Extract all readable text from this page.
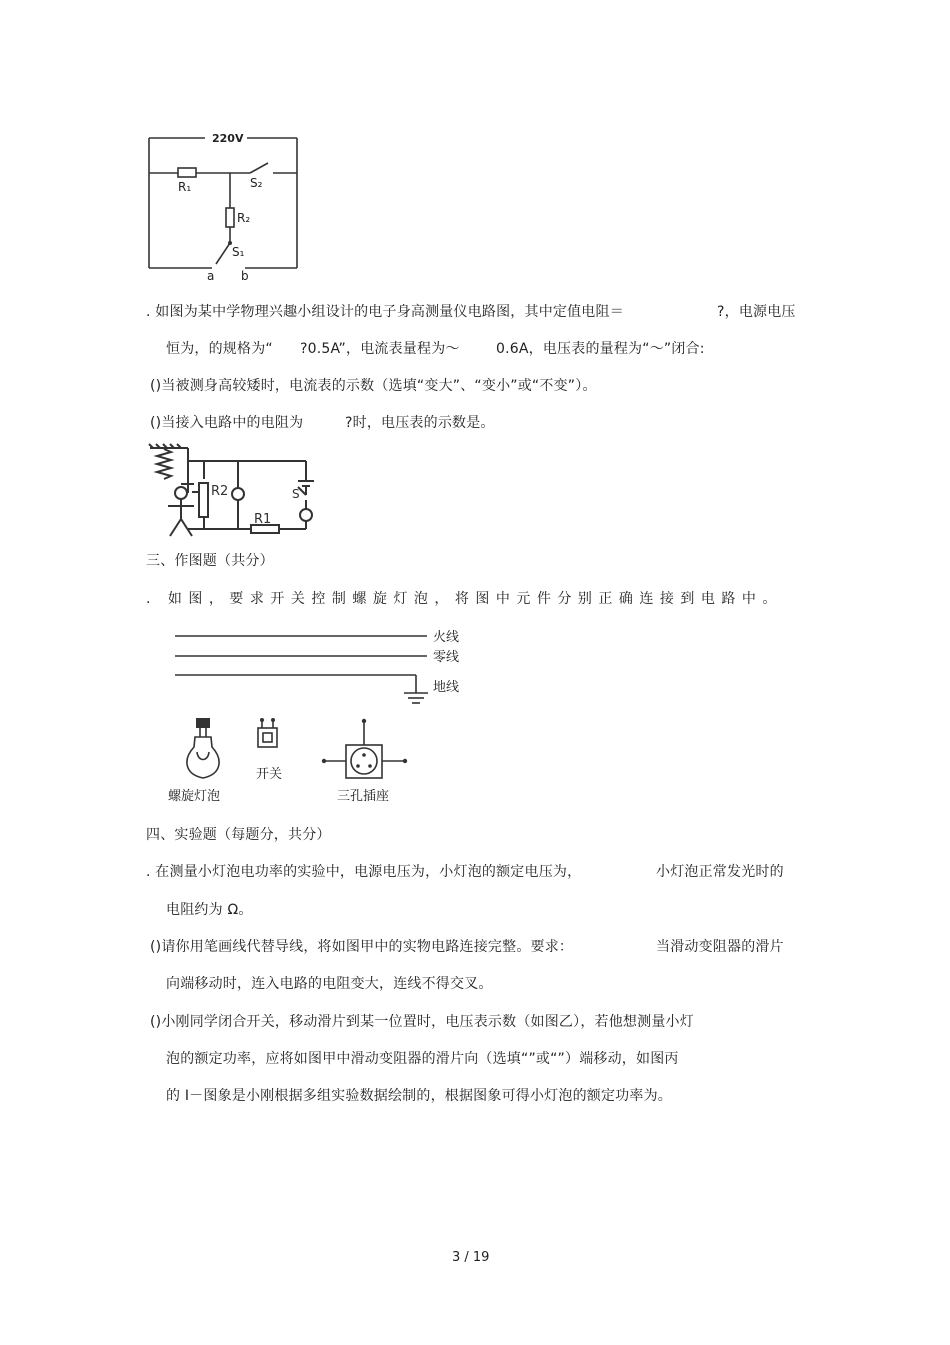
220V
R₁	S₂
R₂
S₁
a b
. 如图为某中学物理兴趣小组设计的电子身高测量仪电路图，其中定值电阻＝	?，电源电压
恒为，的规格为“ ?0.5A”，电流表量程为～	0.6A，电压表的量程为“～”闭合:
()当被测身高较矮时，电流表的示数（选填“变大”、“变小”或“不变”）。
()当接入电路中的电阻为	?时，电压表的示数是。
R2
R1
S
三、作图题（共分）
. 如图，要求开关控制螺旋灯泡，将图中元件分别正确连接到电路中。
火线
零线
地线
螺旋灯泡
开关
三孔插座
四、实验题（每题分，共分）
. 在测量小灯泡电功率的实验中，电源电压为，小灯泡的额定电压为，	小灯泡正常发光时的
电阻约为 Ω。
()请你用笔画线代替导线，将如图甲中的实物电路连接完整。要求：	当滑动变阻器的滑片
向端移动时，连入电路的电阻变大，连线不得交叉。
()小刚同学闭合开关，移动滑片到某一位置时，电压表示数（如图乙），若他想测量小灯
泡的额定功率，应将如图甲中滑动变阻器的滑片向（选填“”或“”）端移动，如图丙
的 I－图象是小刚根据多组实验数据绘制的，根据图象可得小灯泡的额定功率为。
3 / 19
